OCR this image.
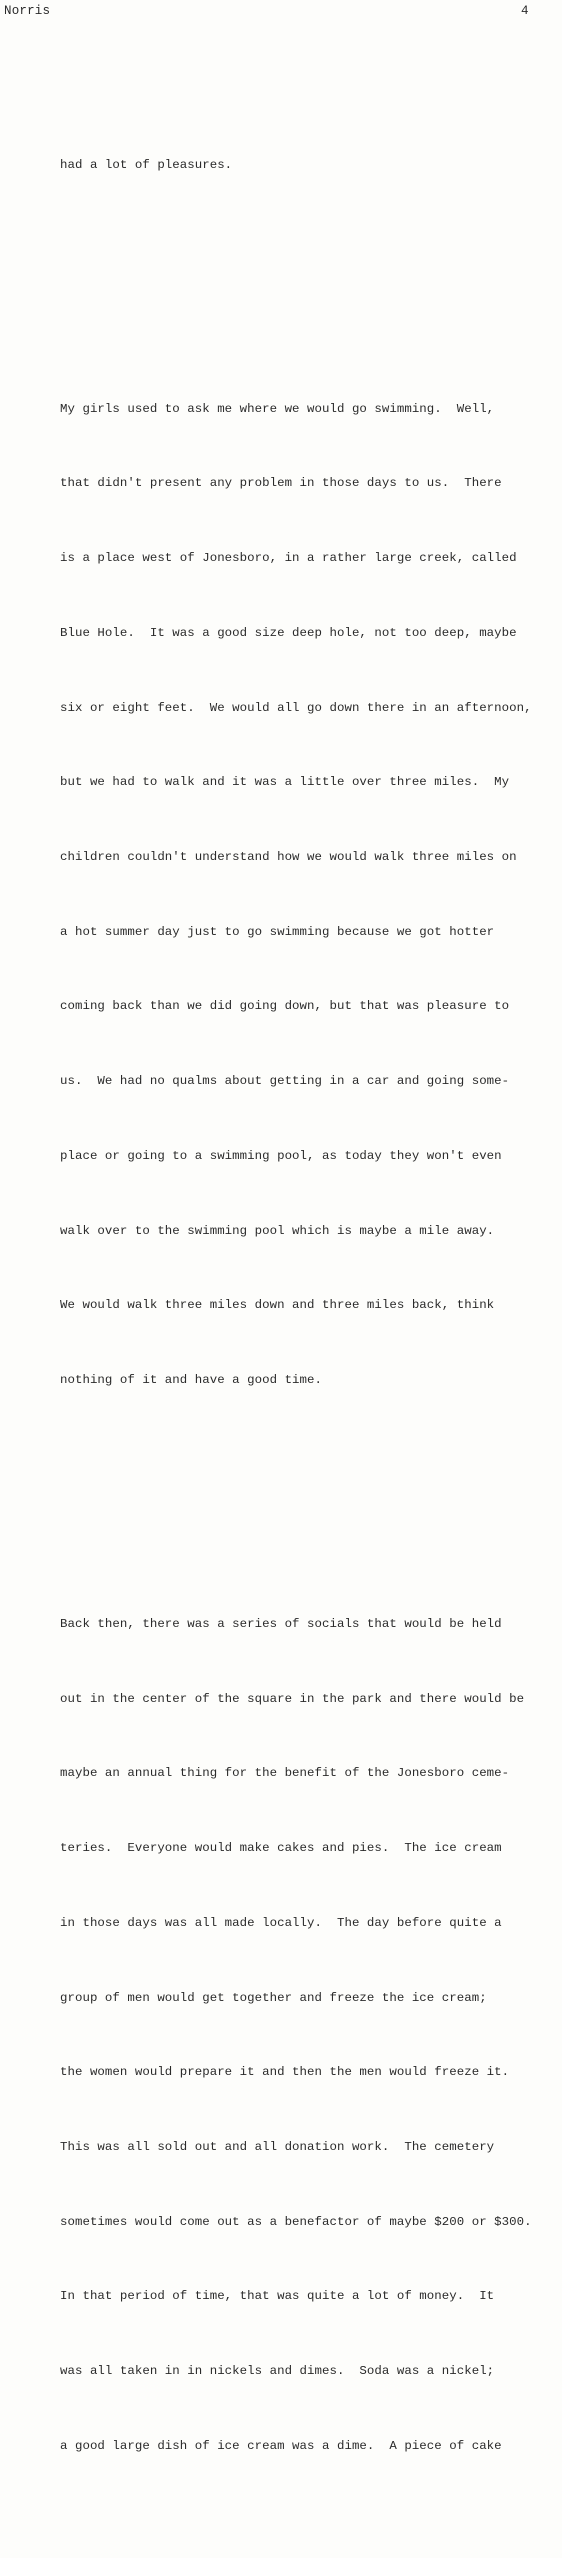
Norris	4

had a lot of pleasures.

My girls used to ask me where we would go swimming.  Well,

that didn't present any problem in those days to us.  There

is a place west of Jonesboro, in a rather large creek, called

Blue Hole.  It was a good size deep hole, not too deep, maybe

six or eight feet.  We would all go down there in an afternoon,

but we had to walk and it was a little over three miles.  My

children couldn't understand how we would walk three miles on

a hot summer day just to go swimming because we got hotter

coming back than we did going down, but that was pleasure to

us.  We had no qualms about getting in a car and going some-

place or going to a swimming pool, as today they won't even

walk over to the swimming pool which is maybe a mile away.

We would walk three miles down and three miles back, think

nothing of it and have a good time.

Back then, there was a series of socials that would be held

out in the center of the square in the park and there would be

maybe an annual thing for the benefit of the Jonesboro ceme-

teries.  Everyone would make cakes and pies.  The ice cream

in those days was all made locally.  The day before quite a

group of men would get together and freeze the ice cream;

the women would prepare it and then the men would freeze it.

This was all sold out and all donation work.  The cemetery

sometimes would come out as a benefactor of maybe $200 or $300.

In that period of time, that was quite a lot of money.  It

was all taken in in nickels and dimes.  Soda was a nickel;

a good large dish of ice cream was a dime.  A piece of cake
